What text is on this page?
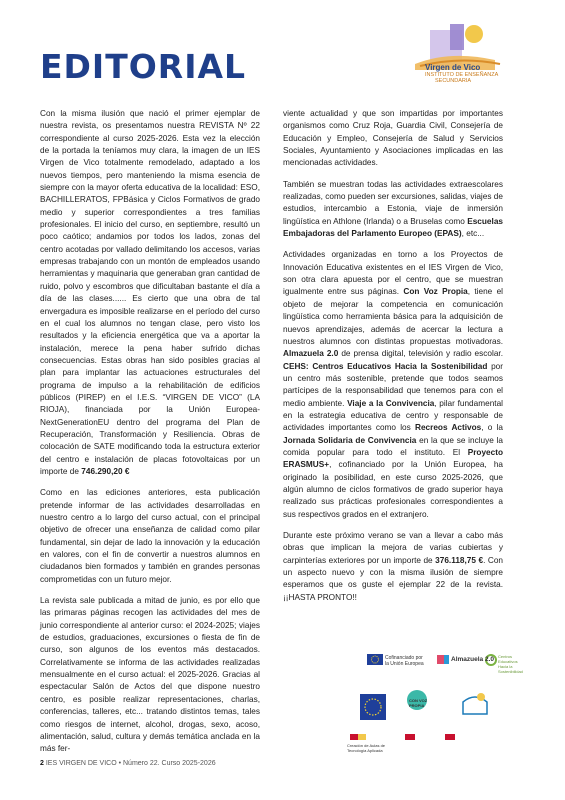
EDITORIAL	Virgen de Vico
INSTITUTO DE ENSEÑANZA
SECUNDARIA

Con la misma ilusión que nació el primer ejemplar de nuestra revista, os presentamos nuestra REVISTA Nº 22 correspondiente al curso 2025-2026. Esta vez la elección de la portada la teníamos muy clara, la imagen de un IES Virgen de Vico totalmente remodelado, adaptado a los nuevos tiempos, pero manteniendo la misma esencia de siempre con la mayor oferta educativa de la localidad: ESO, BACHILLERATOS, FPBásica y Ciclos Formativos de grado medio y superior correspondientes a tres familias profesionales. El inicio del curso, en septiembre, resultó un poco caótico; andamios por todos los lados, zonas del centro acotadas por vallado delimitando los accesos, varias empresas trabajando con un montón de empleados usando herramientas y maquinaria que generaban gran cantidad de ruido, polvo y escombros que dificultaban bastante el día a día de las clases...... Es cierto que una obra de tal envergadura es imposible realizarse en el período del curso en el cual los alumnos no tengan clase, pero visto los resultados y la eficiencia energética que va a aportar la instalación, merece la pena haber sufrido dichas consecuencias. Estas obras han sido posibles gracias al plan para implantar las actuaciones estructurales del programa de impulso a la rehabilitación de edificios públicos (PIREP) en el I.E.S. “VIRGEN DE VICO” (LA RIOJA), financiada por la Unión Europea-NextGenerationEU dentro del programa del Plan de Recuperación, Transformación y Resiliencia. Obras de colocación de SATE modificando toda la estructura exterior del centro e instalación de placas fotovoltaicas por un importe de 746.290,20 €

Como en las ediciones anteriores, esta publicación pretende informar de las actividades desarrolladas en nuestro centro a lo largo del curso actual, con el principal objetivo de ofrecer una enseñanza de calidad como pilar fundamental, sin dejar de lado la innovación y la educación en valores, con el fin de convertir a nuestros alumnos en ciudadanos bien formados y también en grandes personas comprometidas con un futuro mejor.

La revista sale publicada a mitad de junio, es por ello que las primaras páginas recogen las actividades del mes de junio correspondiente al anterior curso: el 2024-2025; viajes de estudios, graduaciones, excursiones o fiesta de fin de curso, son algunos de los eventos más destacados. Correlativamente se informa de las actividades realizadas mensualmente en el curso actual: el 2025-2026. Gracias al espectacular Salón de Actos del que dispone nuestro centro, es posible realizar representaciones, charlas, conferencias, talleres, etc... tratando distintos temas, tales como riesgos de internet, alcohol, drogas, sexo, acoso, alimentación, salud, cultura y demás temática anclada en la más fer-

viente actualidad y que son impartidas por importantes organismos como Cruz Roja, Guardia Civil, Consejería de Educación y Empleo, Consejería de Salud y Servicios Sociales, Ayuntamiento y Asociaciones implicadas en las mencionadas actividades.

También se muestran todas las actividades extraescolares realizadas, como pueden ser excursiones, salidas, viajes de estudios, intercambio a Estonia, viaje de inmersión lingüística en Athlone (Irlanda) o a Bruselas como Escuelas Embajadoras del Parlamento Europeo (EPAS), etc...

Actividades organizadas en torno a los Proyectos de Innovación Educativa existentes en el IES Virgen de Vico, son otra clara apuesta por el centro, que se muestran igualmente entre sus páginas. Con Voz Propia, tiene el objeto de mejorar la competencia en comunicación lingüística como herramienta básica para la adquisición de nuevos aprendizajes, además de acercar la lectura a nuestros alumnos con distintas propuestas motivadoras. Almazuela 2.0 de prensa digital, televisión y radio escolar. CEHS: Centros Educativos Hacia la Sostenibilidad por un centro más sostenible, pretende que todos seamos partícipes de la responsabilidad que tenemos para con el medio ambiente. Viaje a la Convivencia, pilar fundamental en la estrategia educativa de centro y responsable de actividades importantes como los Recreos Activos, o la Jornada Solidaria de Convivencia en la que se incluye la comida popular para todo el instituto. El Proyecto ERASMUS+, cofinanciado por la Unión Europea, ha originado la posibilidad, en este curso 2025-2026, que algún alumno de ciclos formativos de grado superior haya realizado sus prácticas profesionales correspondientes a sus respectivos grados en el extranjero.

Durante este próximo verano se van a llevar a cabo más obras que implican la mejora de varias cubiertas y carpinterías exteriores por un importe de 376.118,75 €. Con un aspecto nuevo y con la misma ilusión de siempre esperamos que os guste el ejemplar 22 de la revista. ¡¡HASTA PRONTO!!

Cofinanciado por la Unión Europea
Almazuela 2.0 Centros Educativos Hacia la Sostenibilidad
CON VOZ PROPIA
Creación de Aulas de Tecnología Aplicada
2 IES VIRGEN DE VICO • Número 22. Curso 2025-2026
